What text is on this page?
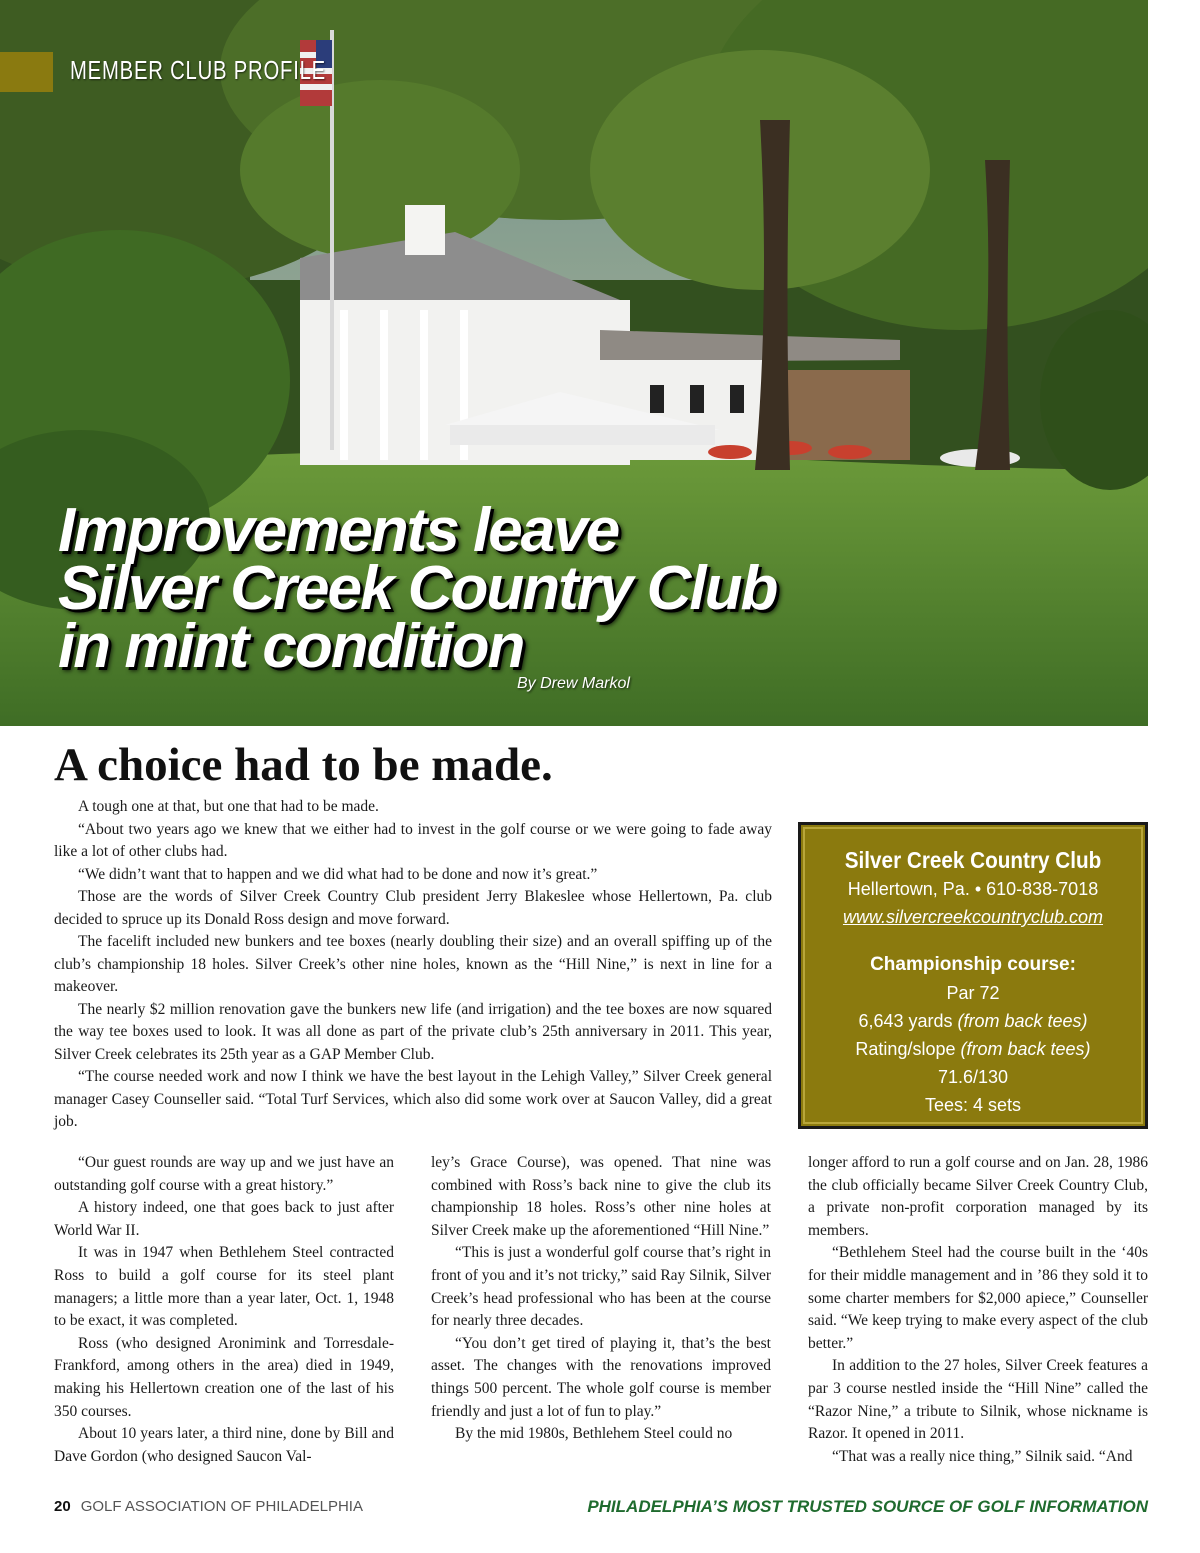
MEMBER CLUB PROFILE
Improvements leave
Silver Creek Country Club
in mint condition
By Drew Markol
A choice had to be made.

A tough one at that, but one that had to be made.

“About two years ago we knew that we either had to invest in the golf course or we were going to fade away like a lot of other clubs had.

“We didn’t want that to happen and we did what had to be done and now it’s great.”

Those are the words of Silver Creek Country Club president Jerry Blakeslee whose Hellertown, Pa. club decided to spruce up its Donald Ross design and move forward.

The facelift included new bunkers and tee boxes (nearly doubling their size) and an overall spiffing up of the club’s championship 18 holes. Silver Creek’s other nine holes, known as the “Hill Nine,” is next in line for a makeover.

The nearly $2 million renovation gave the bunkers new life (and irrigation) and the tee boxes are now squared the way tee boxes used to look. It was all done as part of the private club’s 25th anniversary in 2011. This year, Silver Creek celebrates its 25th year as a GAP Member Club.

“The course needed work and now I think we have the best layout in the Lehigh Valley,” Silver Creek general manager Casey Counseller said. “Total Turf Services, which also did some work over at Saucon Valley, did a great job.

Silver Creek Country Club
Hellertown, Pa. • 610-838-7018
www.silvercreekcountryclub.com
Championship course:
Par 72
6,643 yards (from back tees)
Rating/slope (from back tees)
71.6/130
Tees: 4 sets

“Our guest rounds are way up and we just have an outstanding golf course with a great history.”

A history indeed, one that goes back to just after World War II.

It was in 1947 when Bethlehem Steel contracted Ross to build a golf course for its steel plant managers; a little more than a year later, Oct. 1, 1948 to be exact, it was completed.

Ross (who designed Aronimink and Torresdale-Frankford, among others in the area) died in 1949, making his Hellertown creation one of the last of his 350 courses.

About 10 years later, a third nine, done by Bill and Dave Gordon (who designed Saucon Val-

ley’s Grace Course), was opened. That nine was combined with Ross’s back nine to give the club its championship 18 holes. Ross’s other nine holes at Silver Creek make up the aforementioned “Hill Nine.”

“This is just a wonderful golf course that’s right in front of you and it’s not tricky,” said Ray Silnik, Silver Creek’s head professional who has been at the course for nearly three decades.

“You don’t get tired of playing it, that’s the best asset. The changes with the renovations improved things 500 percent. The whole golf course is member friendly and just a lot of fun to play.”

By the mid 1980s, Bethlehem Steel could no

longer afford to run a golf course and on Jan. 28, 1986 the club officially became Silver Creek Country Club, a private non-profit corporation managed by its members.

“Bethlehem Steel had the course built in the ‘40s for their middle management and in ’86 they sold it to some charter members for $2,000 apiece,” Counseller said. “We keep trying to make every aspect of the club better.”

In addition to the 27 holes, Silver Creek features a par 3 course nestled inside the “Hill Nine” called the “Razor Nine,” a tribute to Silnik, whose nickname is Razor. It opened in 2011.

“That was a really nice thing,” Silnik said. “And

20 GOLF ASSOCIATION OF PHILADELPHIA	PHILADELPHIA’S MOST TRUSTED SOURCE OF GOLF INFORMATION
